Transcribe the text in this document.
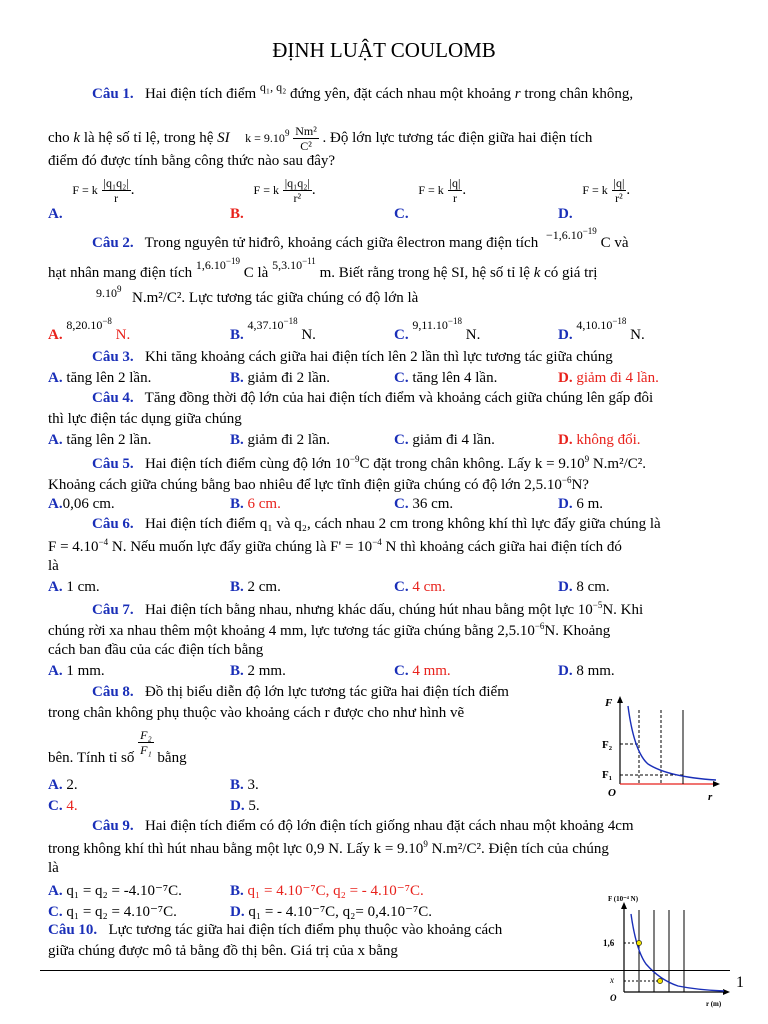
ĐỊNH LUẬT COULOMB
Câu 1. Hai điện tích điểm $^{q_1, q_2}$ đứng yên, đặt cách nhau một khoảng r trong chân không,
cho k là hệ số tỉ lệ, trong hệ SI $k = 9.10^9 \frac{\text{Nm²}}{\text{C²}}$ . Độ lớn lực tương tác điện giữa hai điện tích
điểm đó được tính bằng công thức nào sau đây?
A. F = k $\frac{\text{|q₁q₂|}}{r}$ .
B. F = k $\frac{\text{|q₁q₂|}}{\text{r²}}$ .
C. F = k $\frac{|q|}{r}$ .
D. F = k $\frac{|q|}{\text{r²}}$ .
Câu 2. Trong nguyên tử hiđrô, khoảng cách giữa êlectron mang điện tích $^{-1,6.10^{-19}}$ C và
hạt nhân mang điện tích $^{1,6.10^{-19}}$ C là $^{5,3.10^{-11}}$ m. Biết rằng trong hệ SI, hệ số tỉ lệ k có giá trị
9.10$^9$
N.m²/C². Lực tương tác giữa chúng có độ lớn là
A. $8,20.10^{-8}$ N.	B. $4,37.10^{-18}$ N.	C. $9,11.10^{-18}$ N.	D. $4,10.10^{-18}$ N.
Câu 3. Khi tăng khoảng cách giữa hai điện tích lên 2 lần thì lực tương tác giữa chúng
A. tăng lên 2 lần.	B. giảm đi 2 lần.	C. tăng lên 4 lần.	D. giảm đi 4 lần.
Câu 4. Tăng đồng thời độ lớn của hai điện tích điểm và khoảng cách giữa chúng lên gấp đôi
thì lực điện tác dụng giữa chúng
A. tăng lên 2 lần.	B. giảm đi 2 lần.	C. giảm đi 4 lần.	D. không đổi.
Câu 5. Hai điện tích điểm cùng độ lớn $10^{-9}C$ đặt trong chân không. Lấy $k = 9.10^9$ N.m²/C².
Khoảng cách giữa chúng bằng bao nhiêu để lực tĩnh điện giữa chúng có độ lớn $2,5.10^{-6}N$?
A.0,06 cm.	B. 6 cm.	C. 36 cm.	D. 6 m.
Câu 6. Hai điện tích điểm q₁ và q₂, cách nhau 2 cm trong không khí thì lực đẩy giữa chúng là
$F = 4.10^{-4}$ N. Nếu muốn lực đẩy giữa chúng là $F' = 10^{-4}$ N thì khoảng cách giữa hai điện tích đó
là
A. 1 cm.	B. 2 cm.	C. 4 cm.	D. 8 cm.
Câu 7. Hai điện tích bằng nhau, nhưng khác dấu, chúng hút nhau bằng một lực $10^{-5}N$. Khi
chúng rời xa nhau thêm một khoảng 4 mm, lực tương tác giữa chúng bằng $2,5.10^{-6}N$. Khoảng
cách ban đầu của các điện tích bằng
A. 1 mm.	B. 2 mm.	C. 4 mm.	D. 8 mm.
Câu 8. Đồ thị biểu diễn độ lớn lực tương tác giữa hai điện tích điểm
trong chân không phụ thuộc vào khoảng cách r được cho như hình vẽ
bên. Tính tỉ số
$\frac{\text{F₂}}{\text{F₁}}$
bằng
A. 2.	B. 3.
C. 4.	D. 5.
F
F₂
F₁
O	r
Câu 9. Hai điện tích điểm có độ lớn điện tích giống nhau đặt cách nhau một khoảng 4cm
trong không khí thì hút nhau bằng một lực 0,9 N. Lấy $k = 9.10^9$ N.m²/C². Điện tích của chúng
là
A. q₁ = q₂ = -4.10⁻⁷C.	B. q₁ = 4.10⁻⁷C, q₂ = - 4.10⁻⁷C.
C. q₁ = q₂ = 4.10⁻⁷C.	D. q₁ = - 4.10⁻⁷C, q₂= 0,4.10⁻⁷C.
Câu 10. Lực tương tác giữa hai điện tích điểm phụ thuộc vào khoảng cách
giữa chúng được mô tả bằng đồ thị bên. Giá trị của x bằng
F (10⁻⁴ N)
1,6
x
O
r (m)
1
